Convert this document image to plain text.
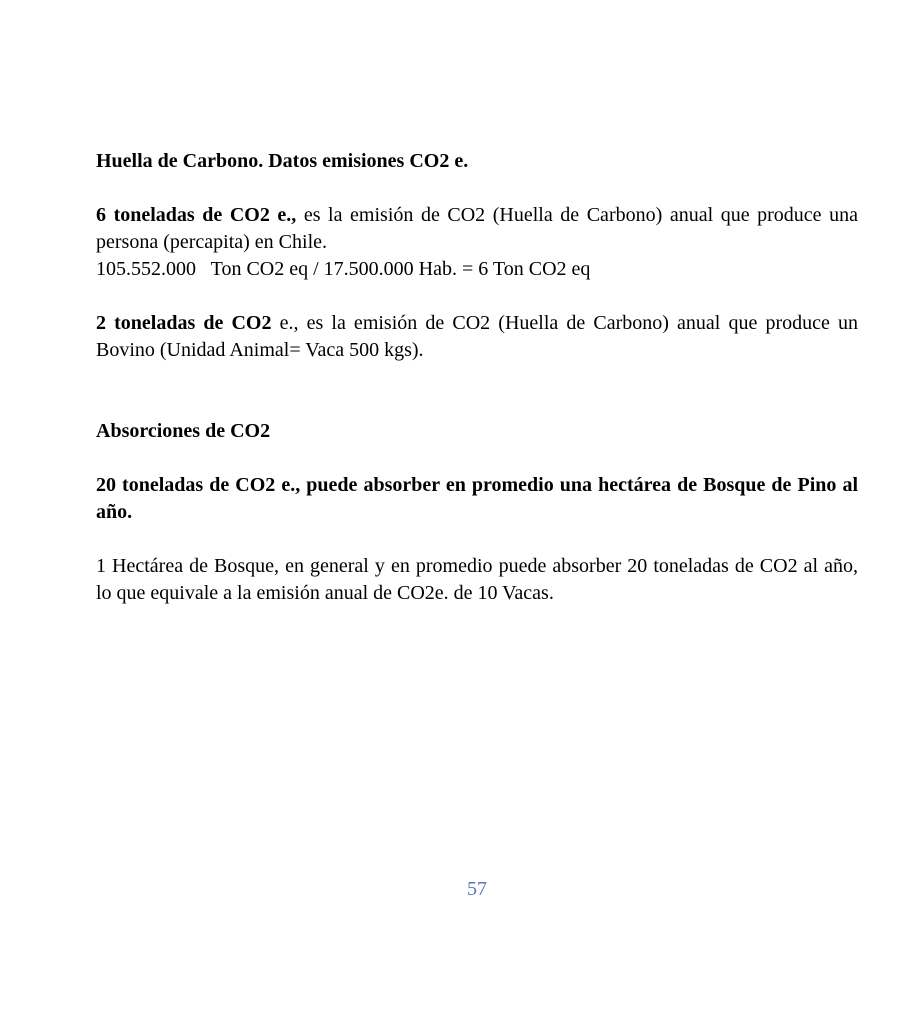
Huella de Carbono. Datos emisiones CO2 e.

6 toneladas de CO2 e., es la emisión de CO2 (Huella de Carbono) anual que produce una persona (percapita) en Chile.
105.552.000   Ton CO2 eq / 17.500.000 Hab. = 6 Ton CO2 eq

2 toneladas de CO2 e., es la emisión de CO2 (Huella de Carbono) anual que produce un Bovino (Unidad Animal= Vaca 500 kgs).

Absorciones de CO2

20 toneladas de CO2 e., puede absorber en promedio una hectárea de Bosque de Pino al año.

1 Hectárea de Bosque, en general y en promedio puede absorber 20 toneladas de CO2 al año, lo que equivale a la emisión anual de CO2e. de 10 Vacas.

57
